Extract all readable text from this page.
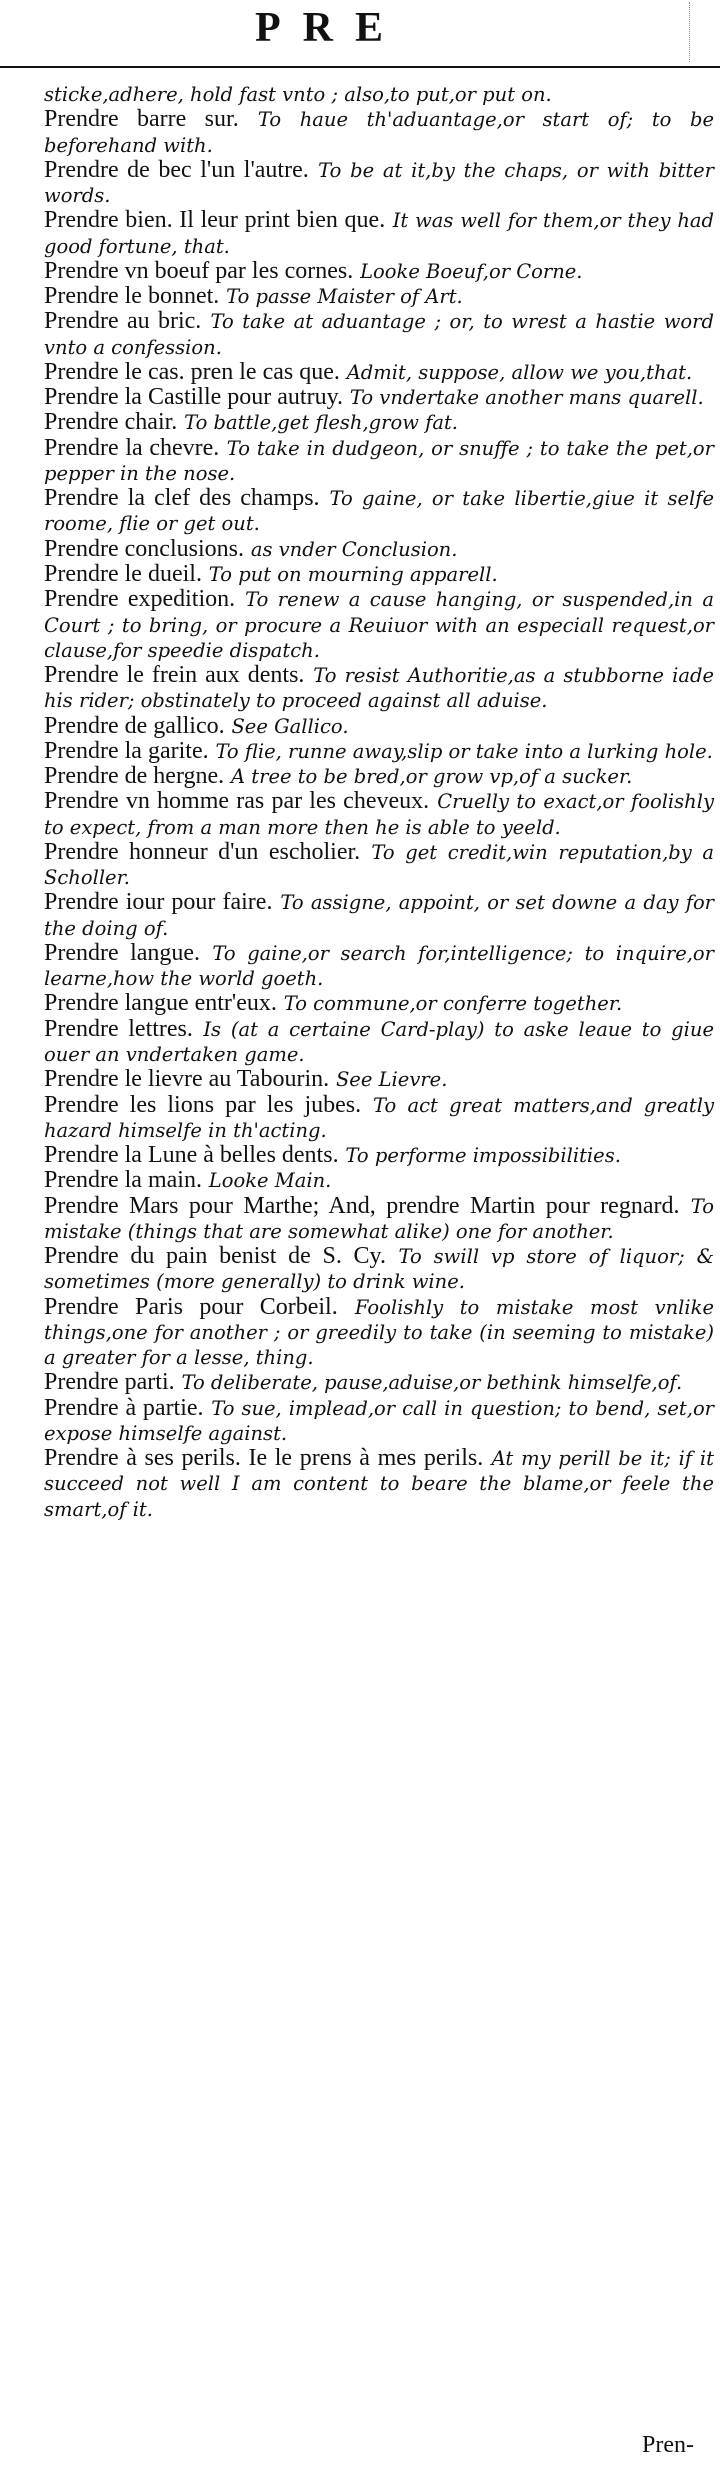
PRE

sticke,adhere, hold fast vnto ; also,to put,or put on.

Prendre barre sur. To haue th'aduantage,or start of; to be beforehand with.

Prendre de bec l'un l'autre. To be at it,by the chaps, or with bitter words.

Prendre bien. Il leur print bien que. It was well for them,or they had good fortune, that.

Prendre vn boeuf par les cornes. Looke Boeuf,or Corne.

Prendre le bonnet. To passe Maister of Art.

Prendre au bric. To take at aduantage ; or, to wrest a hastie word vnto a confession.

Prendre le cas. pren le cas que. Admit, suppose, allow we you,that.

Prendre la Castille pour autruy. To vndertake another mans quarell.

Prendre chair. To battle,get flesh,grow fat.

Prendre la chevre. To take in dudgeon, or snuffe ; to take the pet,or pepper in the nose.

Prendre la clef des champs. To gaine, or take libertie,giue it selfe roome, flie or get out.

Prendre conclusions. as vnder Conclusion.

Prendre le dueil. To put on mourning apparell.

Prendre expedition. To renew a cause hanging, or suspended,in a Court ; to bring, or procure a Reuiuor with an especiall request,or clause,for speedie dispatch.

Prendre le frein aux dents. To resist Authoritie,as a stubborne iade his rider; obstinately to proceed against all aduise.

Prendre de gallico. See Gallico.

Prendre la garite. To flie, runne away,slip or take into a lurking hole.

Prendre de hergne. A tree to be bred,or grow vp,of a sucker.

Prendre vn homme ras par les cheveux. Cruelly to exact,or foolishly to expect, from a man more then he is able to yeeld.

Prendre honneur d'un escholier. To get credit,win reputation,by a Scholler.

Prendre iour pour faire. To assigne, appoint, or set downe a day for the doing of.

Prendre langue. To gaine,or search for,intelligence; to inquire,or learne,how the world goeth.

Prendre langue entr'eux. To commune,or conferre together.

Prendre lettres. Is (at a certaine Card-play) to aske leaue to giue ouer an vndertaken game.

Prendre le lievre au Tabourin. See Lievre.

Prendre les lions par les jubes. To act great matters,and greatly hazard himselfe in th'acting.

Prendre la Lune à belles dents. To performe impossibilities.

Prendre la main. Looke Main.

Prendre Mars pour Marthe; And, prendre Martin pour regnard. To mistake (things that are somewhat alike) one for another.

Prendre du pain benist de S. Cy. To swill vp store of liquor; & sometimes (more generally) to drink wine.

Prendre Paris pour Corbeil. Foolishly to mistake most vnlike things,one for another ; or greedily to take (in seeming to mistake) a greater for a lesse, thing.

Prendre parti. To deliberate, pause,aduise,or bethink himselfe,of.

Prendre à partie. To sue, implead,or call in question; to bend, set,or expose himselfe against.

Prendre à ses perils. Ie le prens à mes perils. At my perill be it; if it succeed not well I am content to beare the blame,or feele the smart,of it.

Pren-
